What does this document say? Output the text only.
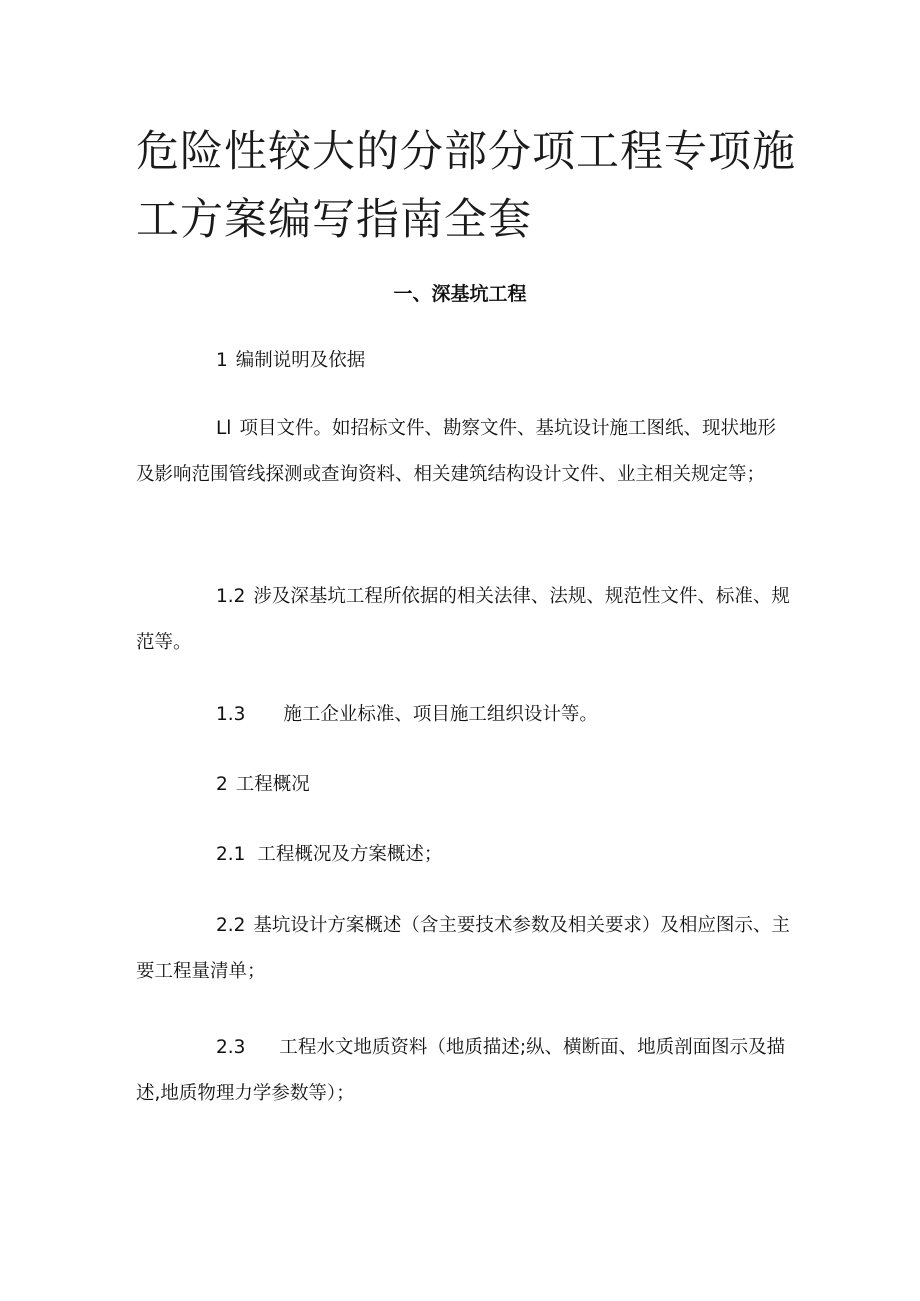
危险性较大的分部分项工程专项施
工方案编写指南全套
一、深基坑工程

1 编制说明及依据

Ll 项目文件。如招标文件、勘察文件、基坑设计施工图纸、现状地形及影响范围管线探测或查询资料、相关建筑结构设计文件、业主相关规定等；

1.2 涉及深基坑工程所依据的相关法律、法规、规范性文件、标准、规范等。

1.3 施工企业标准、项目施工组织设计等。

2 工程概况

2.1 工程概况及方案概述；

2.2 基坑设计方案概述（含主要技术参数及相关要求）及相应图示、主要工程量清单；

2.3 工程水文地质资料（地质描述;纵、横断面、地质剖面图示及描述,地质物理力学参数等）；
